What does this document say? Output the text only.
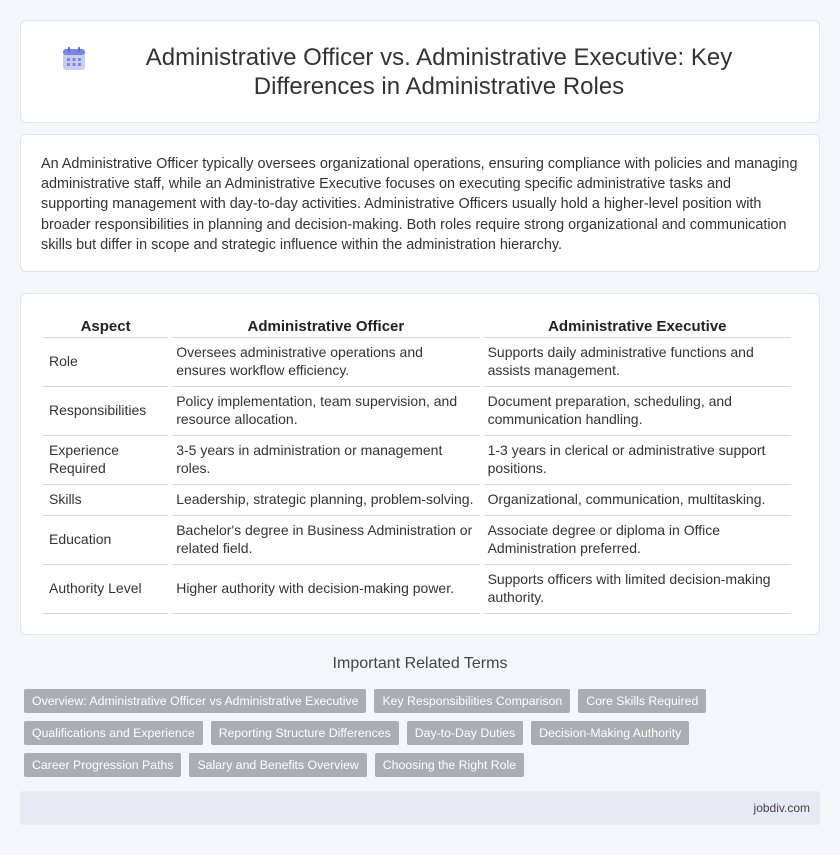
Administrative Officer vs. Administrative Executive: Key Differences in Administrative Roles

An Administrative Officer typically oversees organizational operations, ensuring compliance with policies and managing administrative staff, while an Administrative Executive focuses on executing specific administrative tasks and supporting management with day-to-day activities. Administrative Officers usually hold a higher-level position with broader responsibilities in planning and decision-making. Both roles require strong organizational and communication skills but differ in scope and strategic influence within the administration hierarchy.

Aspect	Administrative Officer	Administrative Executive
Role	Oversees administrative operations and ensures workflow efficiency.	Supports daily administrative functions and assists management.
Responsibilities	Policy implementation, team supervision, and resource allocation.	Document preparation, scheduling, and communication handling.
Experience Required	3-5 years in administration or management roles.	1-3 years in clerical or administrative support positions.
Skills	Leadership, strategic planning, problem-solving.	Organizational, communication, multitasking.
Education	Bachelor's degree in Business Administration or related field.	Associate degree or diploma in Office Administration preferred.
Authority Level	Higher authority with decision-making power.	Supports officers with limited decision-making authority.
Important Related Terms
Overview: Administrative Officer vs Administrative Executive	Key Responsibilities Comparison	Core Skills Required
Qualifications and Experience	Reporting Structure Differences	Day-to-Day Duties	Decision-Making Authority
Career Progression Paths	Salary and Benefits Overview	Choosing the Right Role
jobdiv.com
